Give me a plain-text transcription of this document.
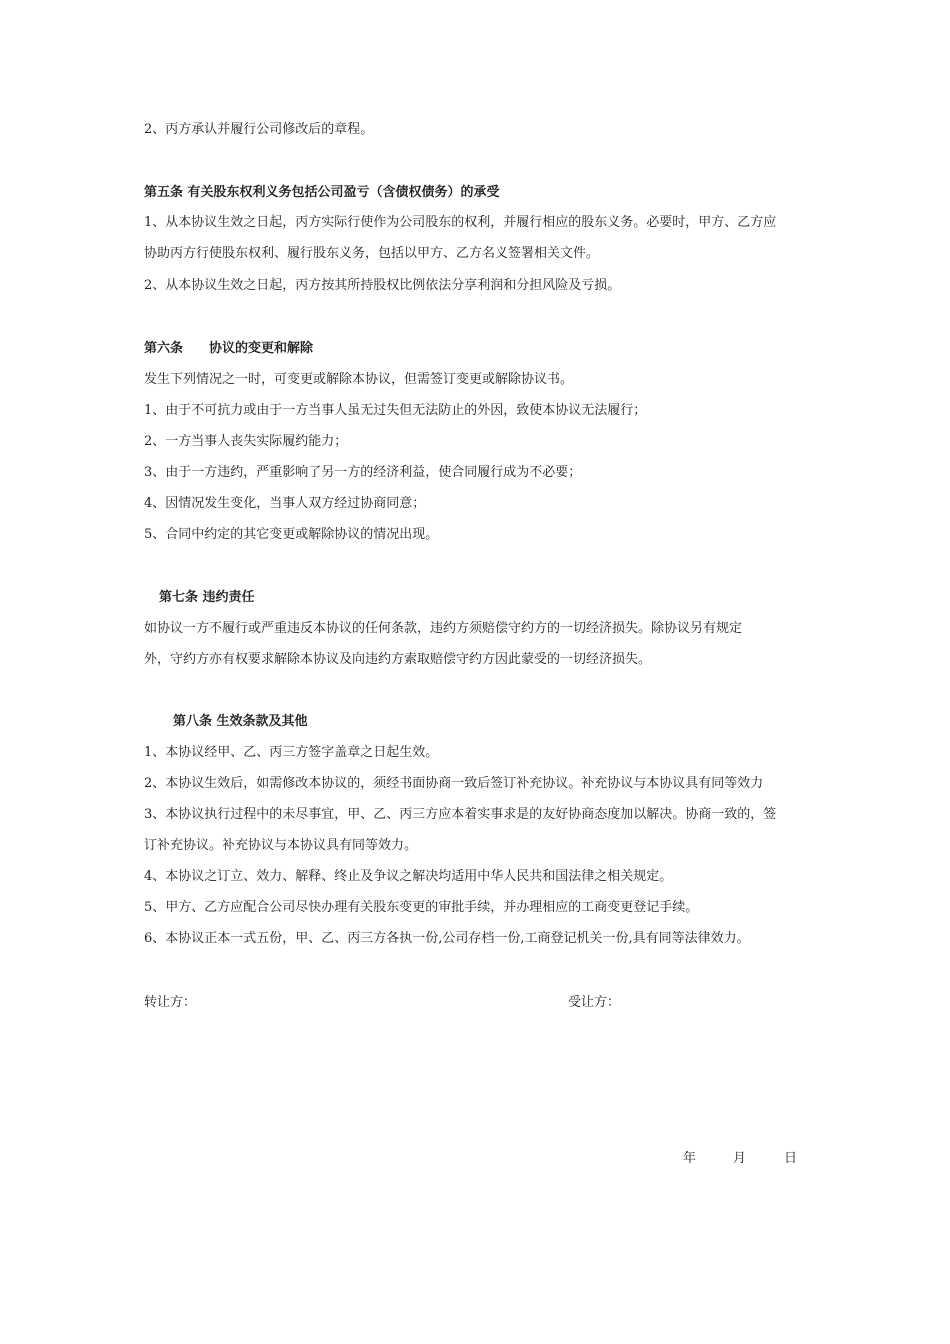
2、丙方承认并履行公司修改后的章程。
第五条 有关股东权利义务包括公司盈亏（含债权债务）的承受
1、从本协议生效之日起，丙方实际行使作为公司股东的权利，并履行相应的股东义务。必要时，甲方、乙方应
协助丙方行使股东权利、履行股东义务，包括以甲方、乙方名义签署相关文件。
2、从本协议生效之日起，丙方按其所持股权比例依法分享利润和分担风险及亏损。
第六条　　协议的变更和解除
发生下列情况之一时，可变更或解除本协议，但需签订变更或解除协议书。
1、由于不可抗力或由于一方当事人虽无过失但无法防止的外因，致使本协议无法履行；
2、一方当事人丧失实际履约能力；
3、由于一方违约，严重影响了另一方的经济利益，使合同履行成为不必要；
4、因情况发生变化，当事人双方经过协商同意；
5、合同中约定的其它变更或解除协议的情况出现。
第七条 违约责任
如协议一方不履行或严重违反本协议的任何条款，违约方须赔偿守约方的一切经济损失。除协议另有规定
外，守约方亦有权要求解除本协议及向违约方索取赔偿守约方因此蒙受的一切经济损失。
第八条 生效条款及其他
1、本协议经甲、乙、丙三方签字盖章之日起生效。
2、本协议生效后，如需修改本协议的，须经书面协商一致后签订补充协议。补充协议与本协议具有同等效力
3、本协议执行过程中的未尽事宜，甲、乙、丙三方应本着实事求是的友好协商态度加以解决。协商一致的，签
订补充协议。补充协议与本协议具有同等效力。
4、本协议之订立、效力、解释、终止及争议之解决均适用中华人民共和国法律之相关规定。
5、甲方、乙方应配合公司尽快办理有关股东变更的审批手续，并办理相应的工商变更登记手续。
6、本协议正本一式五份，甲、乙、丙三方各执一份,公司存档一份,工商登记机关一份,具有同等法律效力。
转让方：	受让方：
年	月	日
